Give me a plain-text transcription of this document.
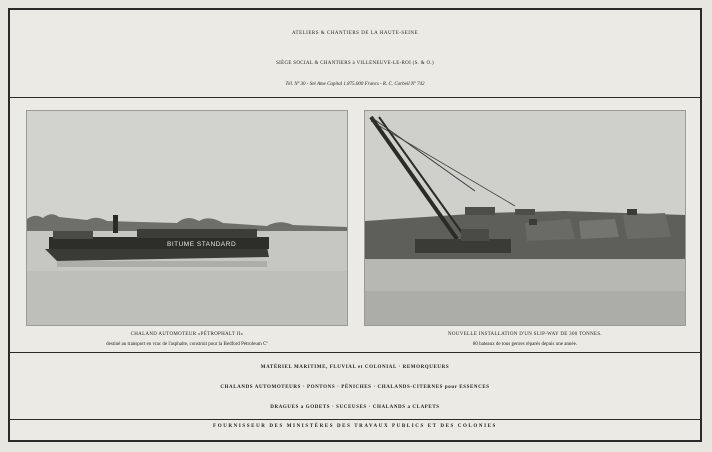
ATELIERS & CHANTIERS DE LA HAUTE-SEINE
SIÈGE SOCIAL & CHANTIERS à VILLENEUVE-LE-ROI (S. & O.)
Tél. Nº 30 - Sté Ame Capital 1.875.000 Francs - R. C. Corbeil Nº 742
BITUME STANDARD
CHALAND AUTOMOTEUR «PÉTROPHALT II»
destiné au transport en vrac de l'asphalte, construit pour la Bedford Pétroleum Cº
NOUVELLE INSTALLATION D'UN SLIP-WAY DE 300 TONNES.
80 bateaux de tous genres réparés depuis une année.
MATÉRIEL MARITIME, FLUVIAL et COLONIAL · REMORQUEURS
CHALANDS AUTOMOTEURS · PONTONS · PÉNICHES · CHALANDS-CITERNES pour ESSENCES
DRAGUES a GODETS · SUCEUSES · CHALANDS a CLAPETS
FOURNISSEUR DES MINISTÈRES DES TRAVAUX PUBLICS ET DES COLONIES
